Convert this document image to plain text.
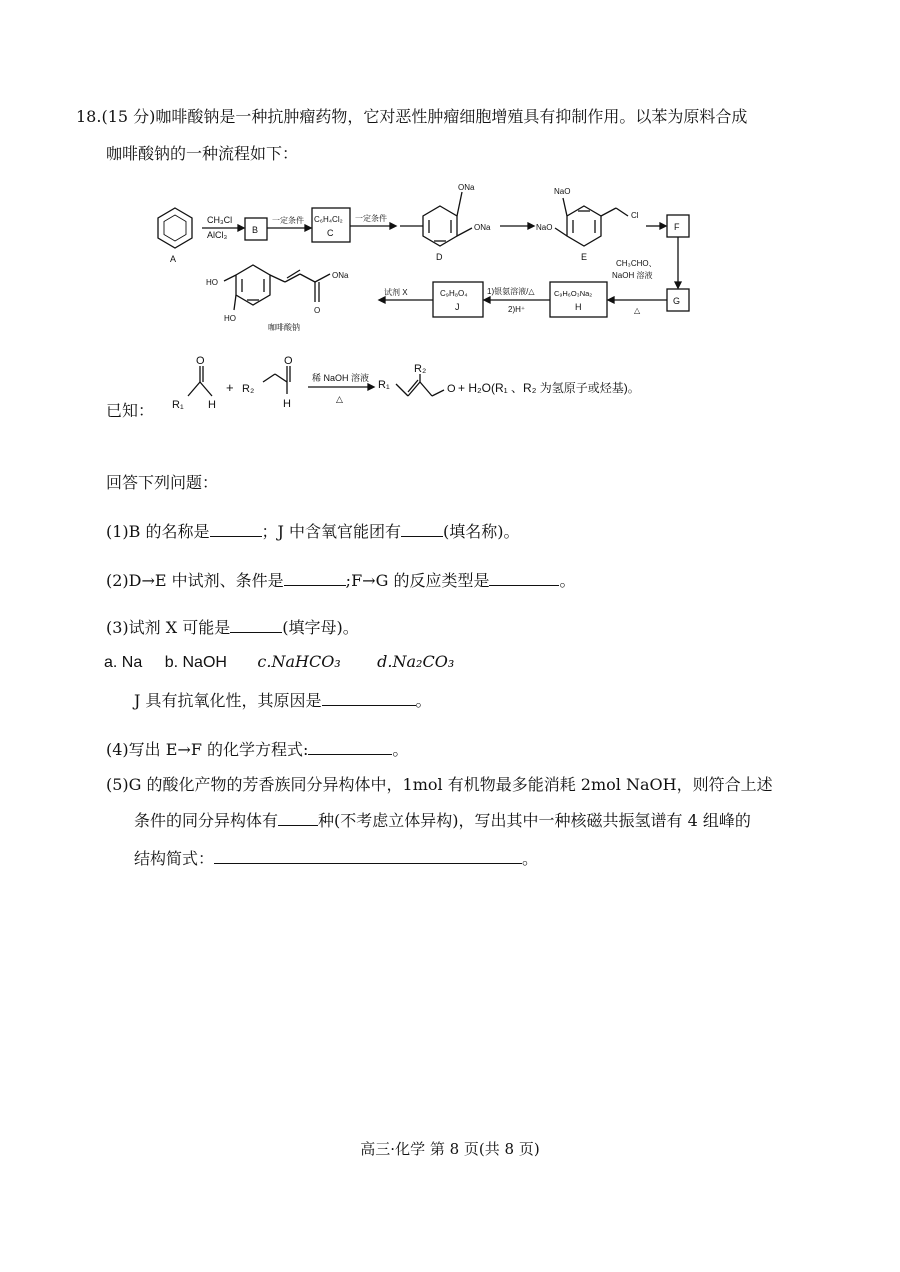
18.(15 分)咖啡酸钠是一种抗肿瘤药物，它对恶性肿瘤细胞增殖具有抑制作用。以苯为原料合成
咖啡酸钠的一种流程如下：
A
CH₃Cl
AlCl₃	B
一定条件 C₆H₄Cl₂
C
一定条件
ONa
ONa
D
NaO
NaO
Cl
E
F
CH₃CHO、
NaOH 溶液
△
G
C₉H₆O₃Na₂
H
1)银氨溶液/△
2)H⁺
C₉H₈O₄
J
试剂 X
HO
HO
ONa
O
咖啡酸钠
已知： R₁ H
O
+ R₂
O
H
稀 NaOH 溶液
△
R₁
R₂
O + H₂O(R₁ 、R₂ 为氢原子或烃基)。
回答下列问题：
(1)B 的名称是	；J 中含氧官能团有	(填名称)。
(2)D→E 中试剂、条件是	;F→G 的反应类型是	。
(3)试剂 X 可能是	(填字母)。
a. Na b. NaOH c.NaHCO₃ d.Na₂CO₃
J 具有抗氧化性，其原因是	。
(4)写出 E→F 的化学方程式:	。
(5)G 的酸化产物的芳香族同分异构体中，1mol 有机物最多能消耗 2mol NaOH，则符合上述
条件的同分异构体有	种(不考虑立体异构)，写出其中一种核磁共振氢谱有 4 组峰的
结构简式：	。
高三·化学 第 8 页(共 8 页)
